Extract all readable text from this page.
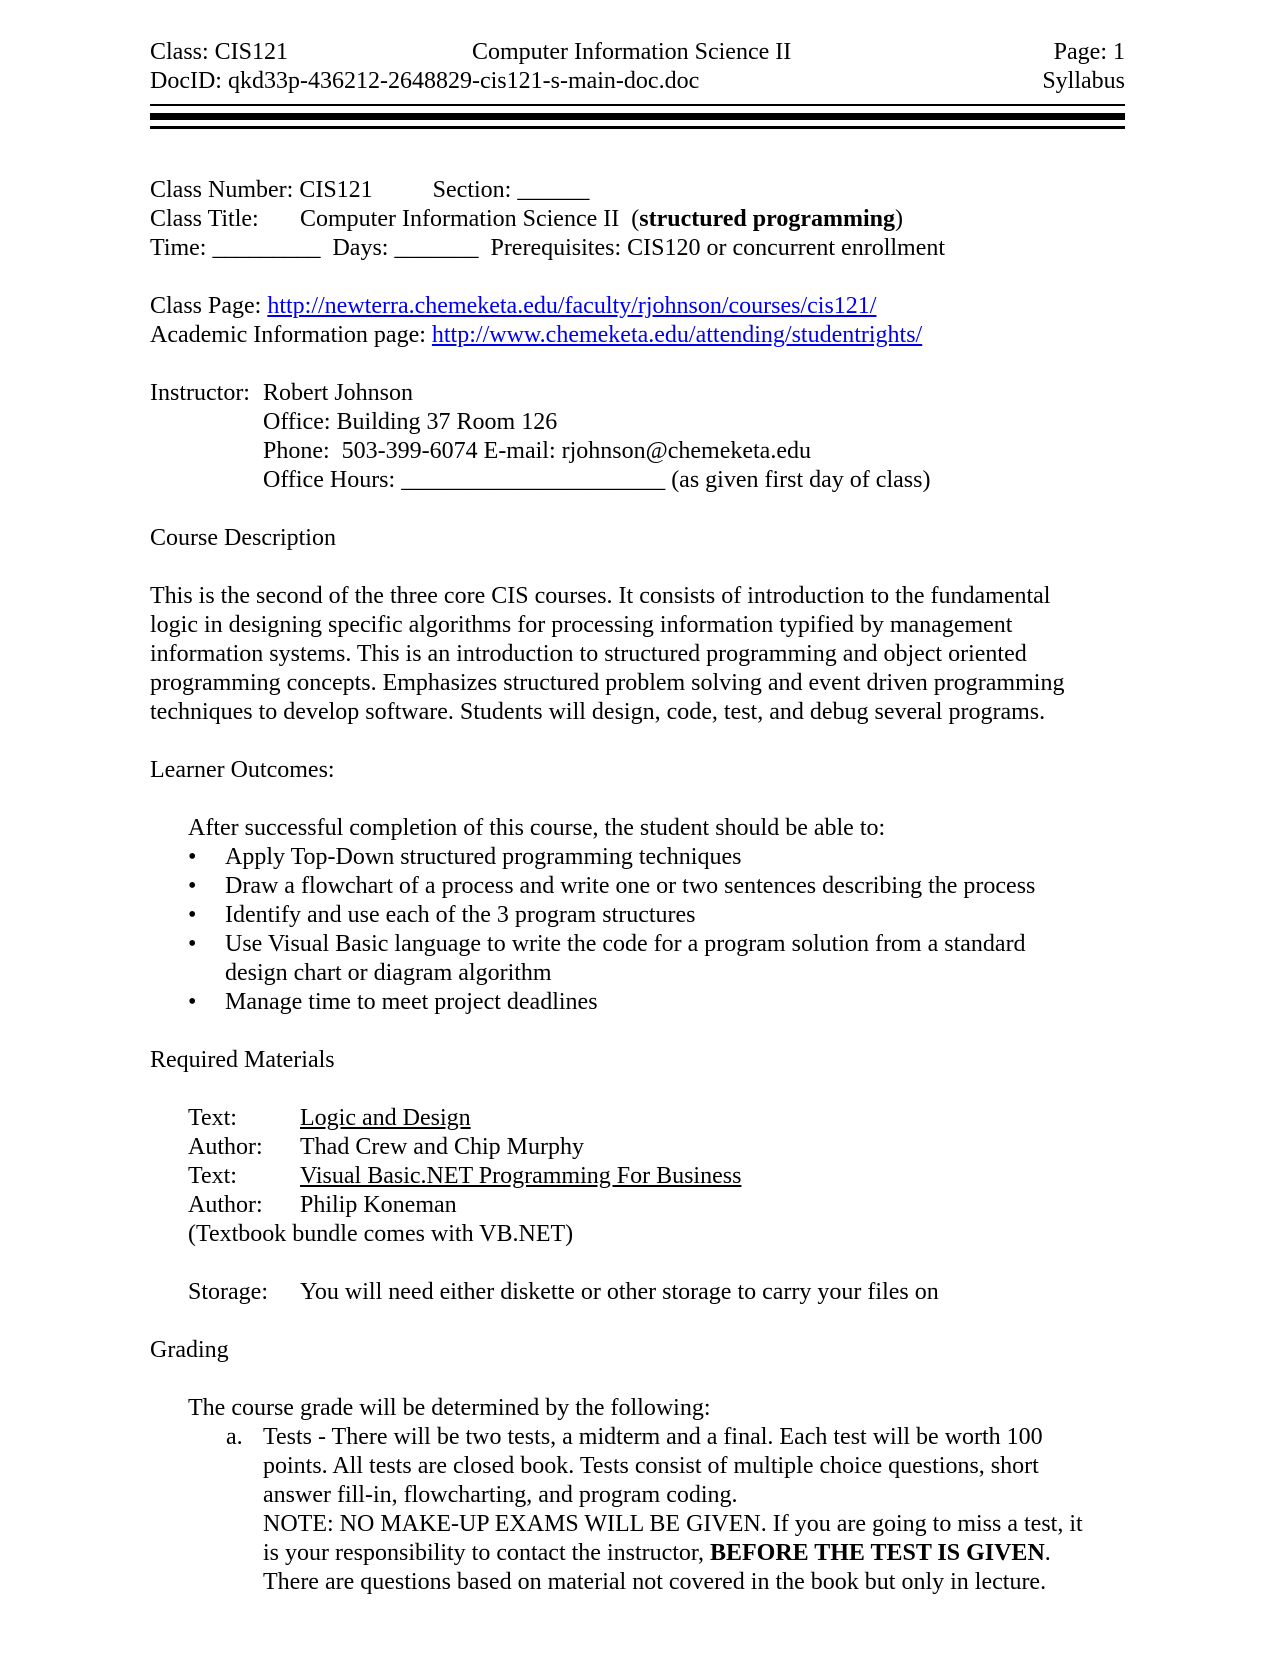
Class: CIS121	Computer Information Science II	Page: 1
DocID: qkd33p-436212-2648829-cis121-s-main-doc.doc	Syllabus
Class Number: CIS121          Section: ______
Class Title: Computer Information Science II  (structured programming)
Time: _________  Days: _______  Prerequisites: CIS120 or concurrent enrollment
Class Page: http://newterra.chemeketa.edu/faculty/rjohnson/courses/cis121/
Academic Information page: http://www.chemeketa.edu/attending/studentrights/
Instructor: Robert Johnson
Office: Building 37 Room 126
Phone:  503-399-6074 E-mail: rjohnson@chemeketa.edu
Office Hours: ______________________ (as given first day of class)
Course Description
This is the second of the three core CIS courses. It consists of introduction to the fundamental
logic in designing specific algorithms for processing information typified by management
information systems. This is an introduction to structured programming and object oriented
programming concepts. Emphasizes structured problem solving and event driven programming
techniques to develop software. Students will design, code, test, and debug several programs.
Learner Outcomes:
After successful completion of this course, the student should be able to:
• Apply Top-Down structured programming techniques
• Draw a flowchart of a process and write one or two sentences describing the process
• Identify and use each of the 3 program structures
• Use Visual Basic language to write the code for a program solution from a standard
design chart or diagram algorithm
• Manage time to meet project deadlines
Required Materials
Text:	Logic and Design
Author: Thad Crew and Chip Murphy
Text:	Visual Basic.NET Programming For Business
Author: Philip Koneman
(Textbook bundle comes with VB.NET)
Storage: You will need either diskette or other storage to carry your files on
Grading
The course grade will be determined by the following:
a. Tests - There will be two tests, a midterm and a final. Each test will be worth 100
points. All tests are closed book. Tests consist of multiple choice questions, short
answer fill-in, flowcharting, and program coding.
NOTE: NO MAKE-UP EXAMS WILL BE GIVEN. If you are going to miss a test, it
is your responsibility to contact the instructor, BEFORE THE TEST IS GIVEN.
There are questions based on material not covered in the book but only in lecture.
